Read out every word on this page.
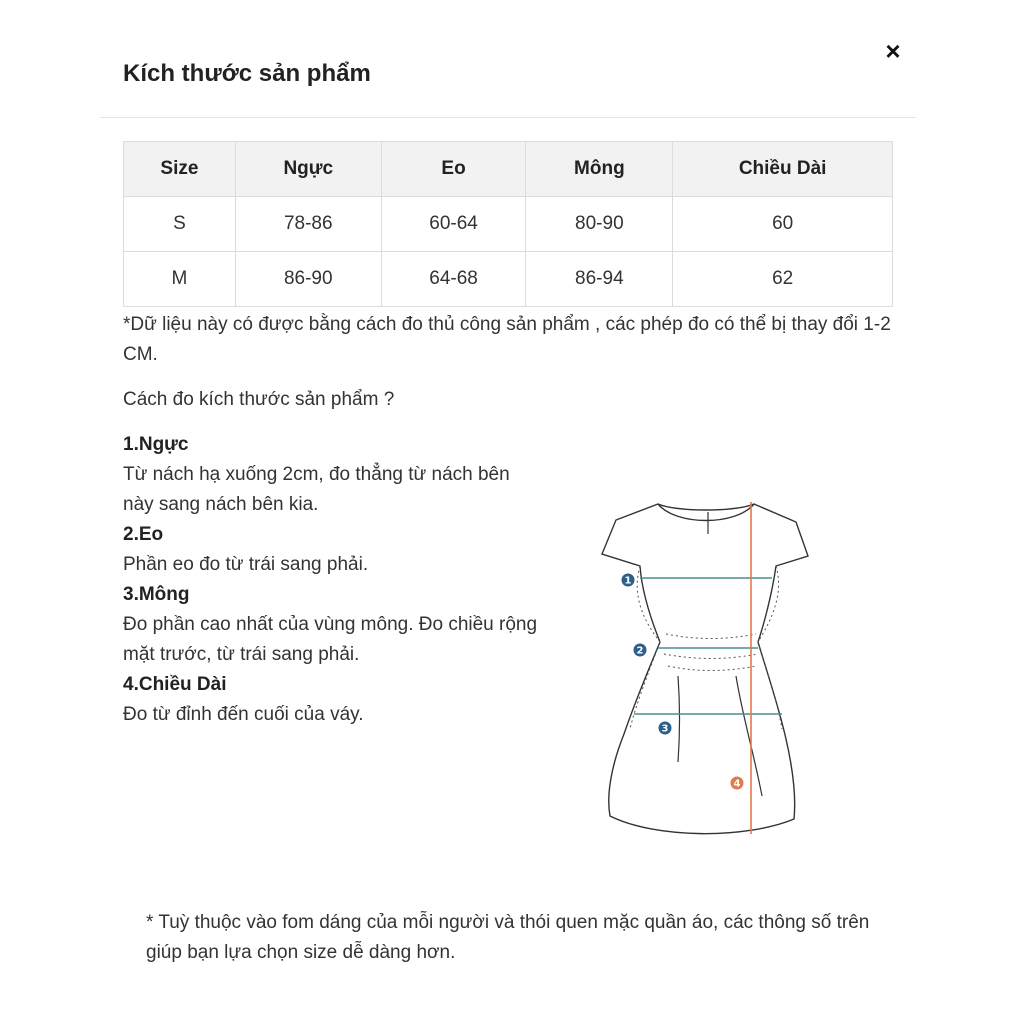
Kích thước sản phẩm
×
Size	Ngực	Eo	Mông	Chiều Dài
S	78-86	60-64	80-90	60
M	86-90	64-68	86-94	62

*Dữ liệu này có được bằng cách đo thủ công sản phẩm , các phép đo có thể bị thay đổi 1-2 CM.

Cách đo kích thước sản phẩm ?

1.Ngực
Từ nách hạ xuống 2cm, đo thẳng từ nách bên này sang nách bên kia.
2.Eo
Phần eo đo từ trái sang phải.
3.Mông
Đo phần cao nhất của vùng mông. Đo chiều rộng mặt trước, từ trái sang phải.
4.Chiều Dài
Đo từ đỉnh đến cuối của váy.
1
2
3
4

* Tuỳ thuộc vào fom dáng của mỗi người và thói quen mặc quần áo, các thông số trên giúp bạn lựa chọn size dễ dàng hơn.
